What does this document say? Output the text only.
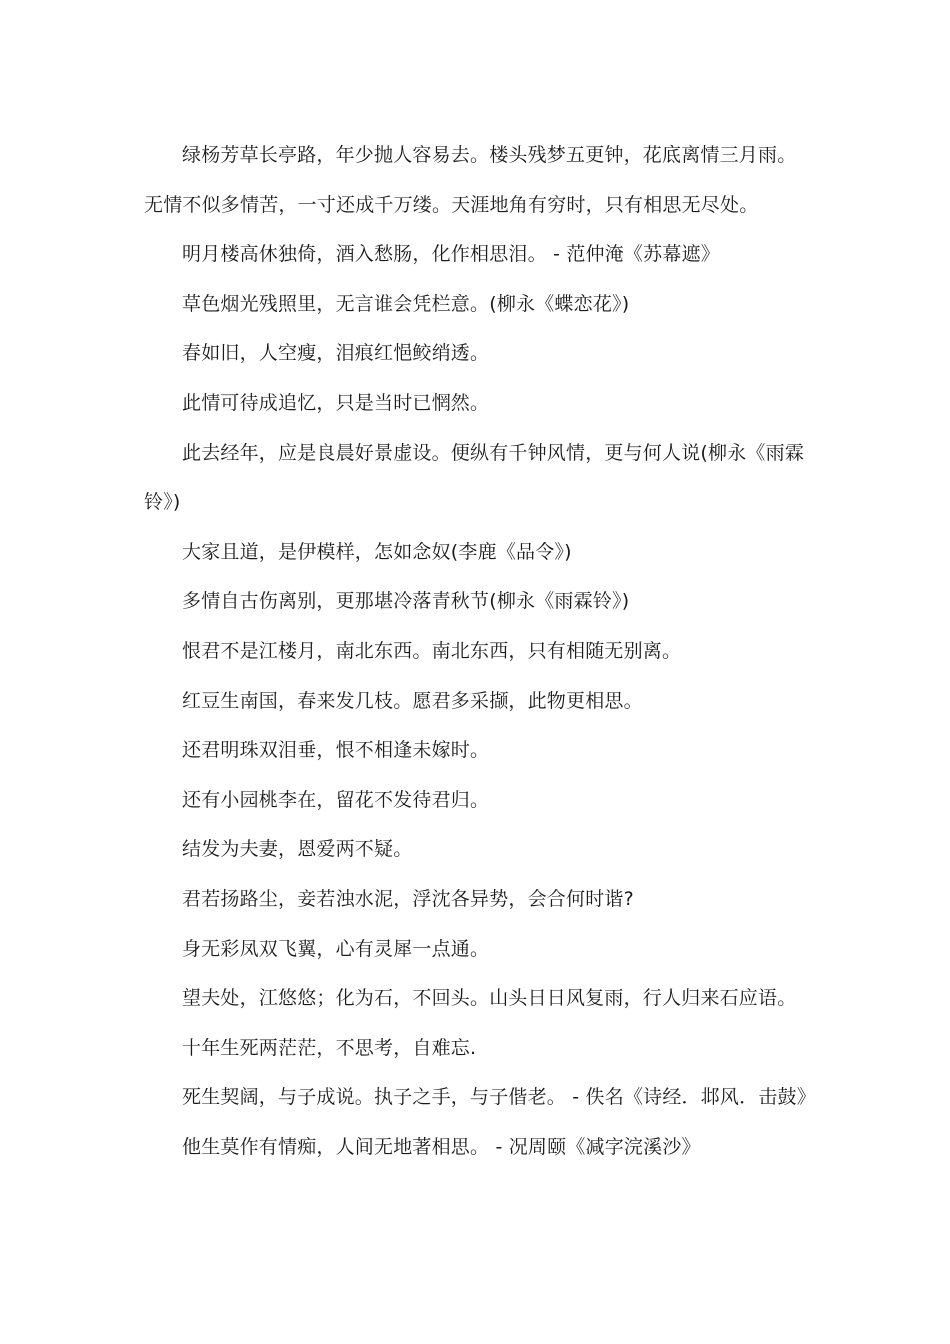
绿杨芳草长亭路，年少抛人容易去。楼头残梦五更钟，花底离情三月雨。无情不似多情苦，一寸还成千万缕。天涯地角有穷时，只有相思无尽处。

明月楼高休独倚，酒入愁肠，化作相思泪。 - 范仲淹《苏幕遮》

草色烟光残照里，无言谁会凭栏意。(柳永《蝶恋花》)

春如旧，人空瘦，泪痕红悒鲛绡透。

此情可待成追忆，只是当时已惘然。

此去经年，应是良晨好景虚设。便纵有千钟风情，更与何人说(柳永《雨霖铃》)

大家且道，是伊模样，怎如念奴(李鹿《品令》)

多情自古伤离别，更那堪冷落青秋节(柳永《雨霖铃》)

恨君不是江楼月，南北东西。南北东西，只有相随无别离。

红豆生南国，春来发几枝。愿君多采撷，此物更相思。

还君明珠双泪垂，恨不相逢未嫁时。

还有小园桃李在，留花不发待君归。

结发为夫妻，恩爱两不疑。

君若扬路尘，妾若浊水泥，浮沈各异势，会合何时谐?

身无彩凤双飞翼，心有灵犀一点通。

望夫处，江悠悠；化为石，不回头。山头日日风复雨，行人归来石应语。

十年生死两茫茫，不思考，自难忘.

死生契阔，与子成说。执子之手，与子偕老。 - 佚名《诗经．邶风．击鼓》

他生莫作有情痴，人间无地著相思。 - 况周颐《减字浣溪沙》
